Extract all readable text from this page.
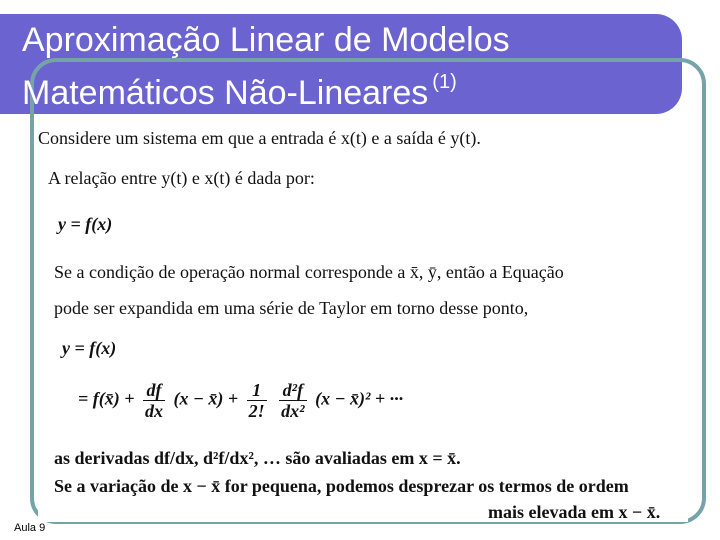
Aproximação Linear de Modelos
Matemáticos Não-Lineares $^{(1)}$
Considere um sistema em que a entrada é x(t) e a saída é y(t).
A relação entre y(t) e x(t) é dada por:
y = f(x)
Se a condição de operação normal corresponde a x̄, ȳ, então a Equação
pode ser expandida em uma série de Taylor em torno desse ponto,
y = f(x)
= f(x̄) + $\frac{df}{dx} (x$ − x̄) + $\frac{1}{2!}$
$\frac{\text{d²f}}{\text{dx²}} (x$ − x̄)² + ···
as derivadas df/dx, d²f/dx², … são avaliadas em x = x̄.
Se a variação de x − x̄ for pequena, podemos desprezar os termos de ordem
mais elevada em x − x̄.
Aula 9
